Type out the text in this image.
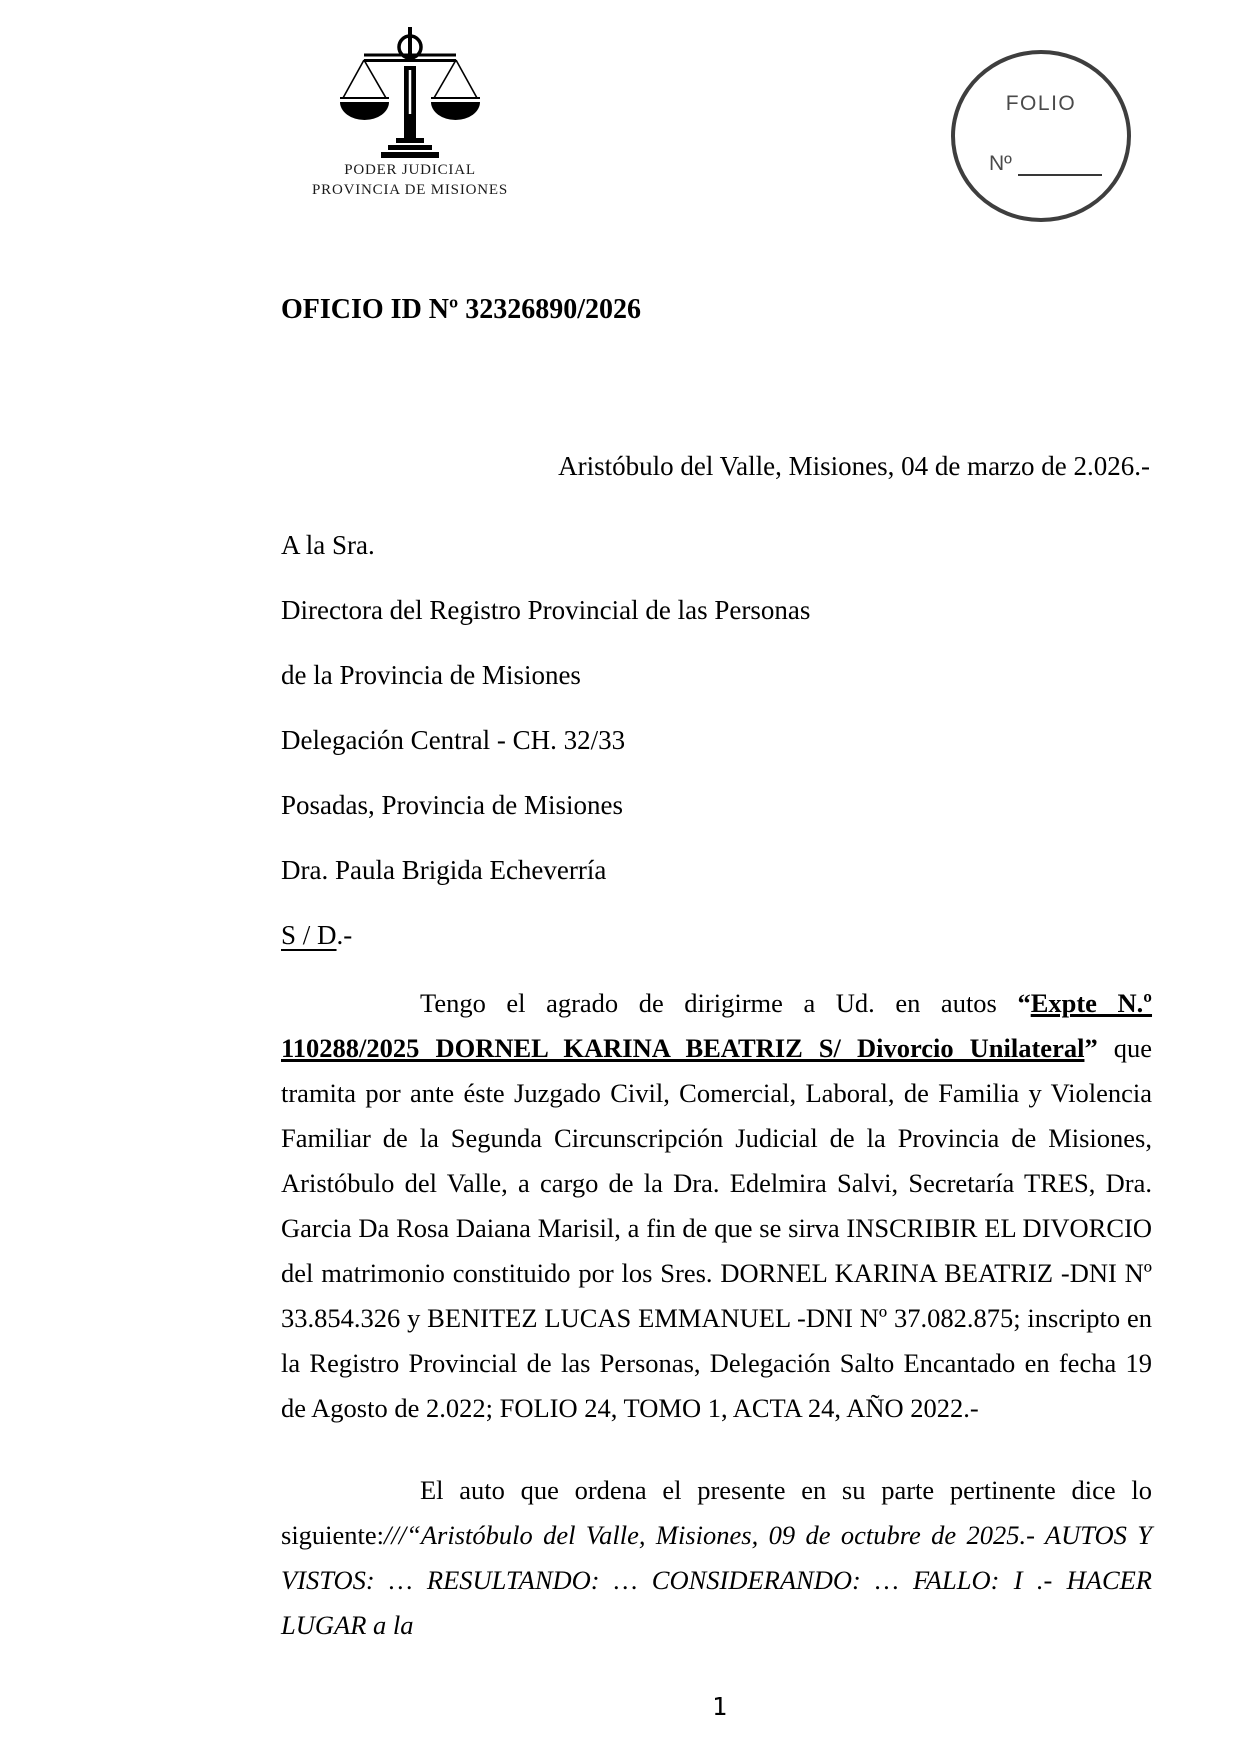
PODER JUDICIAL
PROVINCIA DE MISIONES
FOLIO
Nº
OFICIO ID Nº 32326890/2026
Aristóbulo del Valle, Misiones, 04 de marzo de 2.026.-
A la Sra.
Directora del Registro Provincial de las Personas
de la Provincia de Misiones
Delegación Central - CH. 32/33
Posadas, Provincia de Misiones
Dra. Paula Brigida Echeverría
S / D.-

Tengo el agrado de dirigirme a Ud. en autos “Expte N.º 110288/2025 DORNEL KARINA BEATRIZ S/ Divorcio Unilateral” que tramita por ante éste Juzgado Civil, Comercial, Laboral, de Familia y Violencia Familiar de la Segunda Circunscripción Judicial de la Provincia de Misiones, Aristóbulo del Valle, a cargo de la Dra. Edelmira Salvi, Secretaría TRES, Dra. Garcia Da Rosa Daiana Marisil, a fin de que se sirva INSCRIBIR EL DIVORCIO del matrimonio constituido por los Sres. DORNEL KARINA BEATRIZ -DNI Nº 33.854.326 y BENITEZ LUCAS EMMANUEL -DNI Nº 37.082.875; inscripto en la Registro Provincial de las Personas, Delegación Salto Encantado en fecha 19 de Agosto de 2.022; FOLIO 24, TOMO 1, ACTA 24, AÑO 2022.-

El auto que ordena el presente en su parte pertinente dice lo siguiente:///“Aristóbulo del Valle, Misiones, 09 de octubre de 2025.- AUTOS Y VISTOS: … RESULTANDO: … CONSIDERANDO: … FALLO: I .- HACER LUGAR a la

1
